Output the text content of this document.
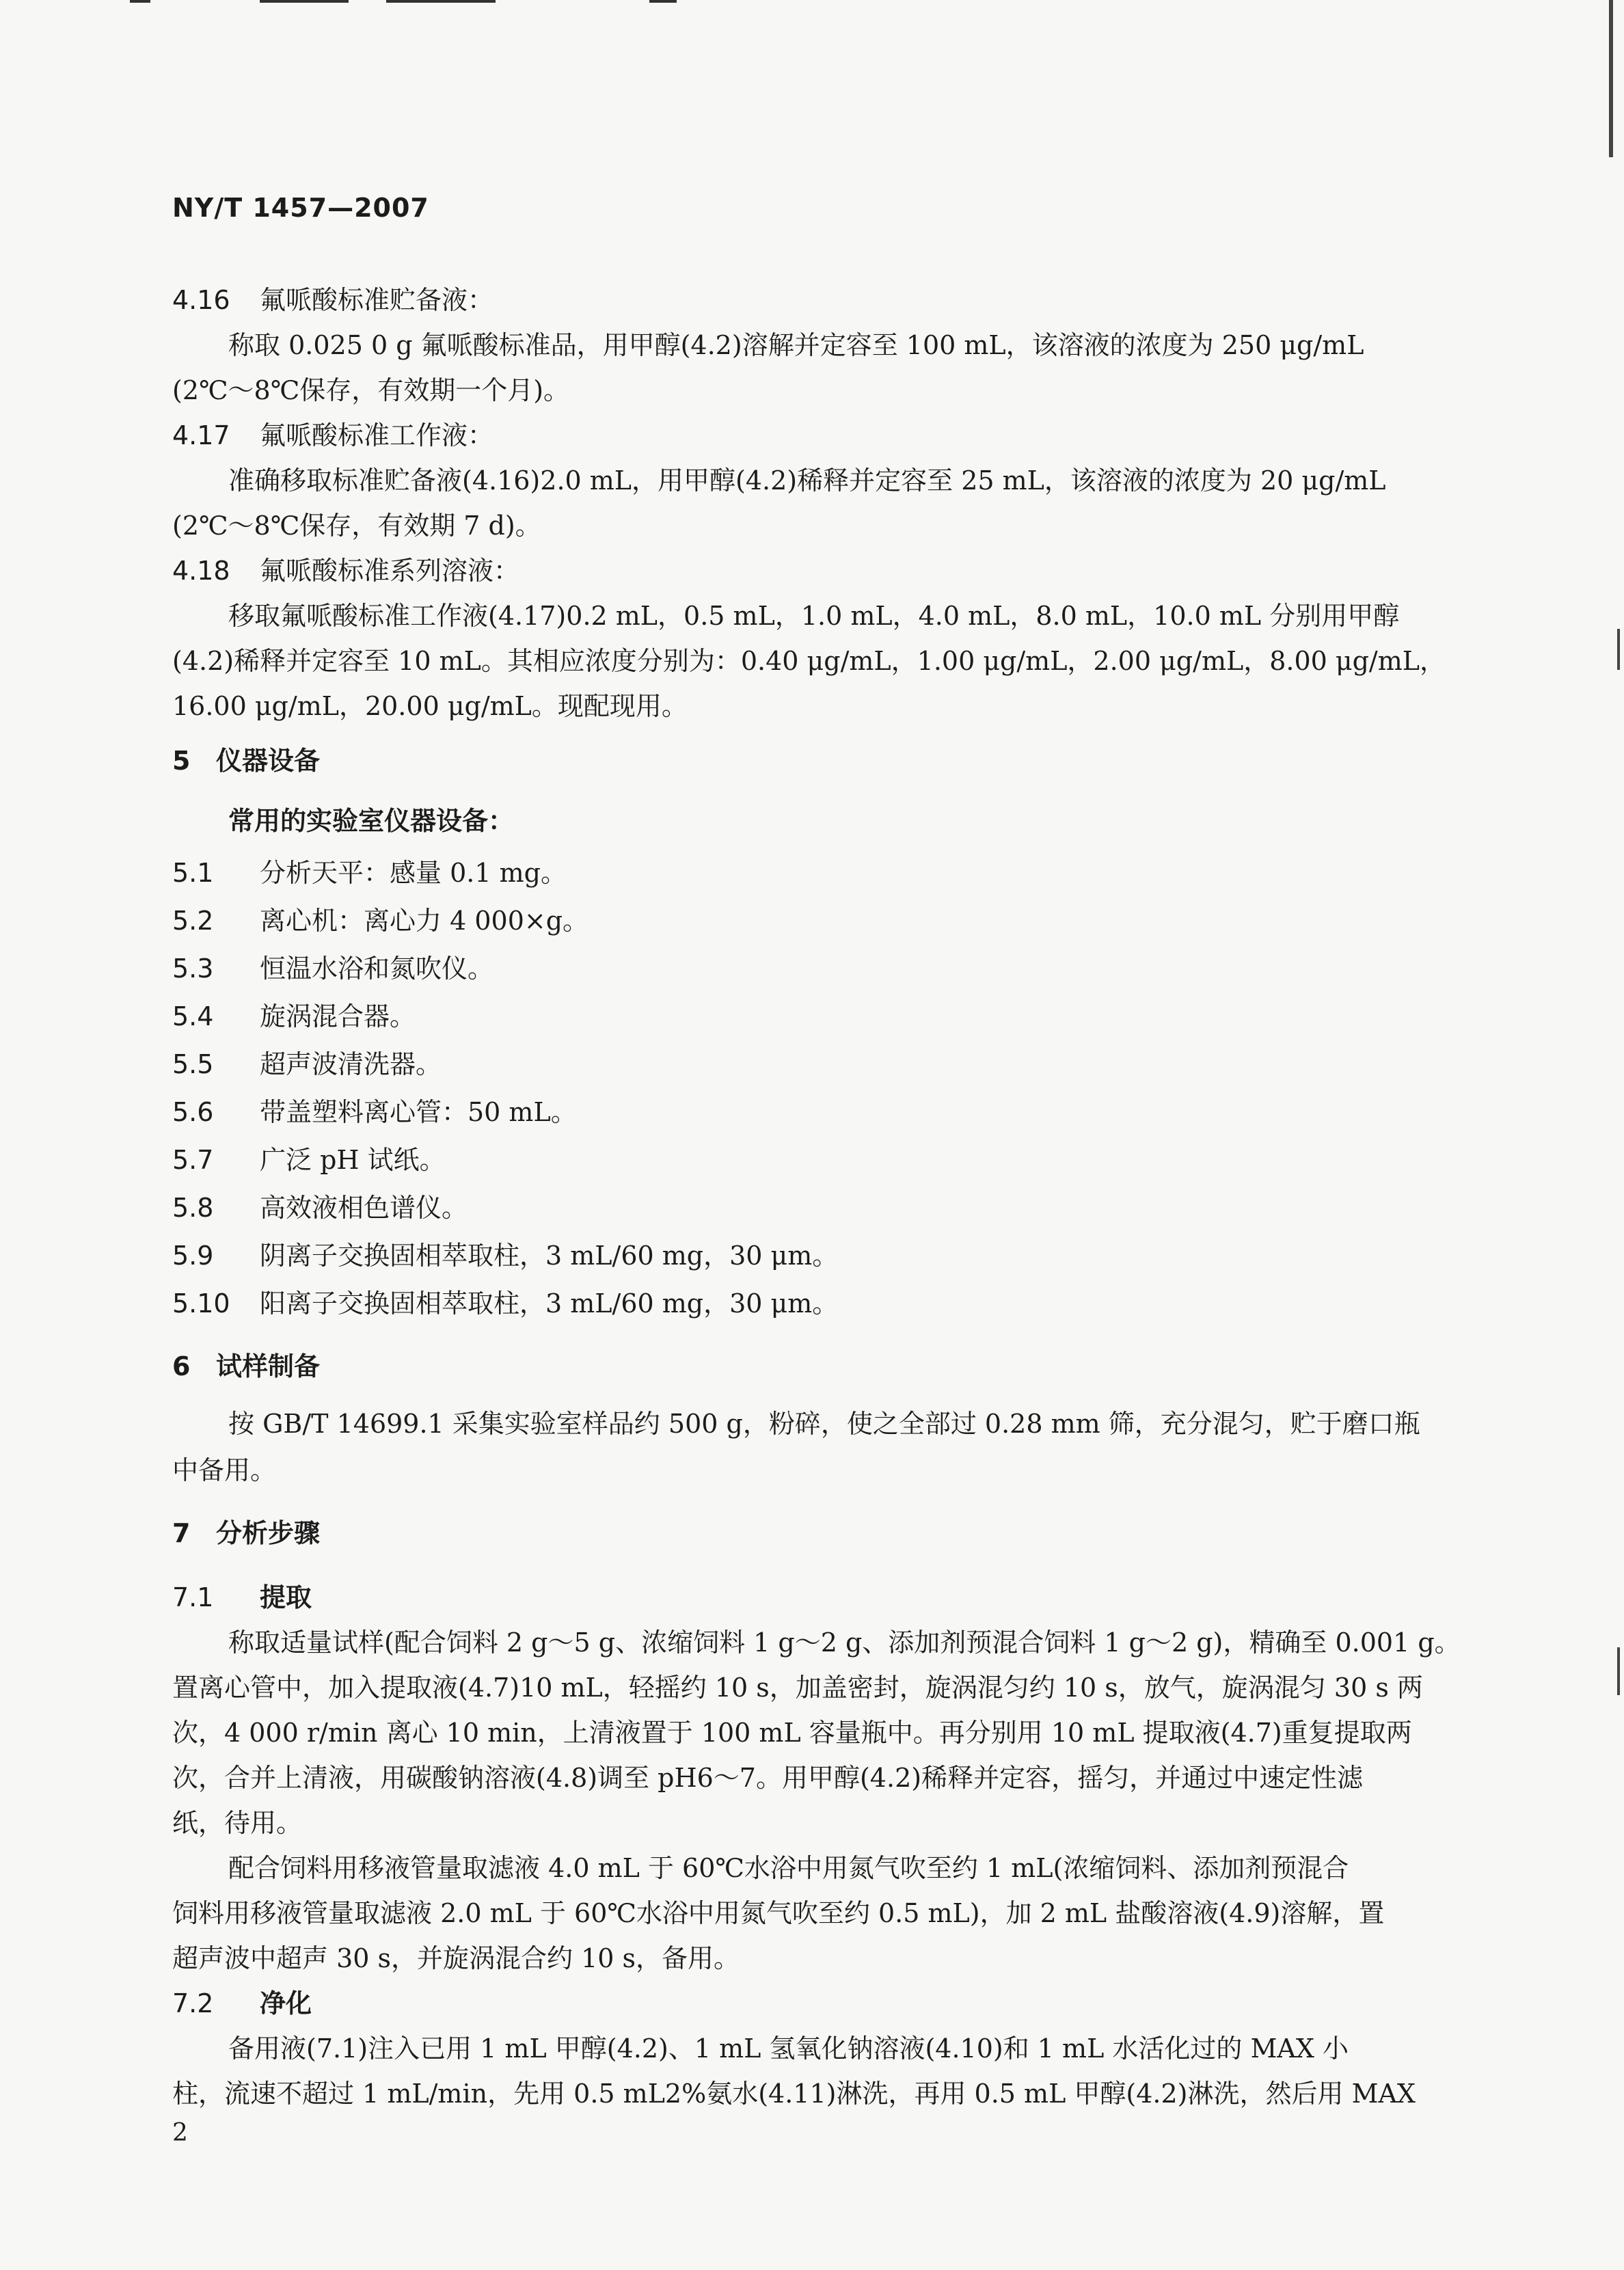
NY/T 1457—2007
4.16 氟哌酸标准贮备液：
称取 0.025 0 g 氟哌酸标准品，用甲醇(4.2)溶解并定容至 100 mL，该溶液的浓度为 250 μg/mL
(2℃～8℃保存，有效期一个月)。
4.17 氟哌酸标准工作液：
准确移取标准贮备液(4.16)2.0 mL，用甲醇(4.2)稀释并定容至 25 mL，该溶液的浓度为 20 μg/mL
(2℃～8℃保存，有效期 7 d)。
4.18 氟哌酸标准系列溶液：
移取氟哌酸标准工作液(4.17)0.2 mL，0.5 mL，1.0 mL，4.0 mL，8.0 mL，10.0 mL 分别用甲醇
(4.2)稀释并定容至 10 mL。其相应浓度分别为：0.40 μg/mL，1.00 μg/mL，2.00 μg/mL，8.00 μg/mL，
16.00 μg/mL，20.00 μg/mL。现配现用。
5 仪器设备
常用的实验室仪器设备：
5.1 分析天平：感量 0.1 mg。
5.2 离心机：离心力 4 000×g。
5.3 恒温水浴和氮吹仪。
5.4 旋涡混合器。
5.5 超声波清洗器。
5.6 带盖塑料离心管：50 mL。
5.7 广泛 pH 试纸。
5.8 高效液相色谱仪。
5.9 阴离子交换固相萃取柱，3 mL/60 mg，30 μm。
5.10 阳离子交换固相萃取柱，3 mL/60 mg，30 μm。
6 试样制备
按 GB/T 14699.1 采集实验室样品约 500 g，粉碎，使之全部过 0.28 mm 筛，充分混匀，贮于磨口瓶
中备用。
7 分析步骤
7.1 提取
称取适量试样(配合饲料 2 g～5 g、浓缩饲料 1 g～2 g、添加剂预混合饲料 1 g～2 g)，精确至 0.001 g。
置离心管中，加入提取液(4.7)10 mL，轻摇约 10 s，加盖密封，旋涡混匀约 10 s，放气，旋涡混匀 30 s 两
次，4 000 r/min 离心 10 min，上清液置于 100 mL 容量瓶中。再分别用 10 mL 提取液(4.7)重复提取两
次，合并上清液，用碳酸钠溶液(4.8)调至 pH6～7。用甲醇(4.2)稀释并定容，摇匀，并通过中速定性滤
纸，待用。
配合饲料用移液管量取滤液 4.0 mL 于 60℃水浴中用氮气吹至约 1 mL(浓缩饲料、添加剂预混合
饲料用移液管量取滤液 2.0 mL 于 60℃水浴中用氮气吹至约 0.5 mL)，加 2 mL 盐酸溶液(4.9)溶解，置
超声波中超声 30 s，并旋涡混合约 10 s，备用。
7.2 净化
备用液(7.1)注入已用 1 mL 甲醇(4.2)、1 mL 氢氧化钠溶液(4.10)和 1 mL 水活化过的 MAX 小
柱，流速不超过 1 mL/min，先用 0.5 mL2%氨水(4.11)淋洗，再用 0.5 mL 甲醇(4.2)淋洗，然后用 MAX
2
